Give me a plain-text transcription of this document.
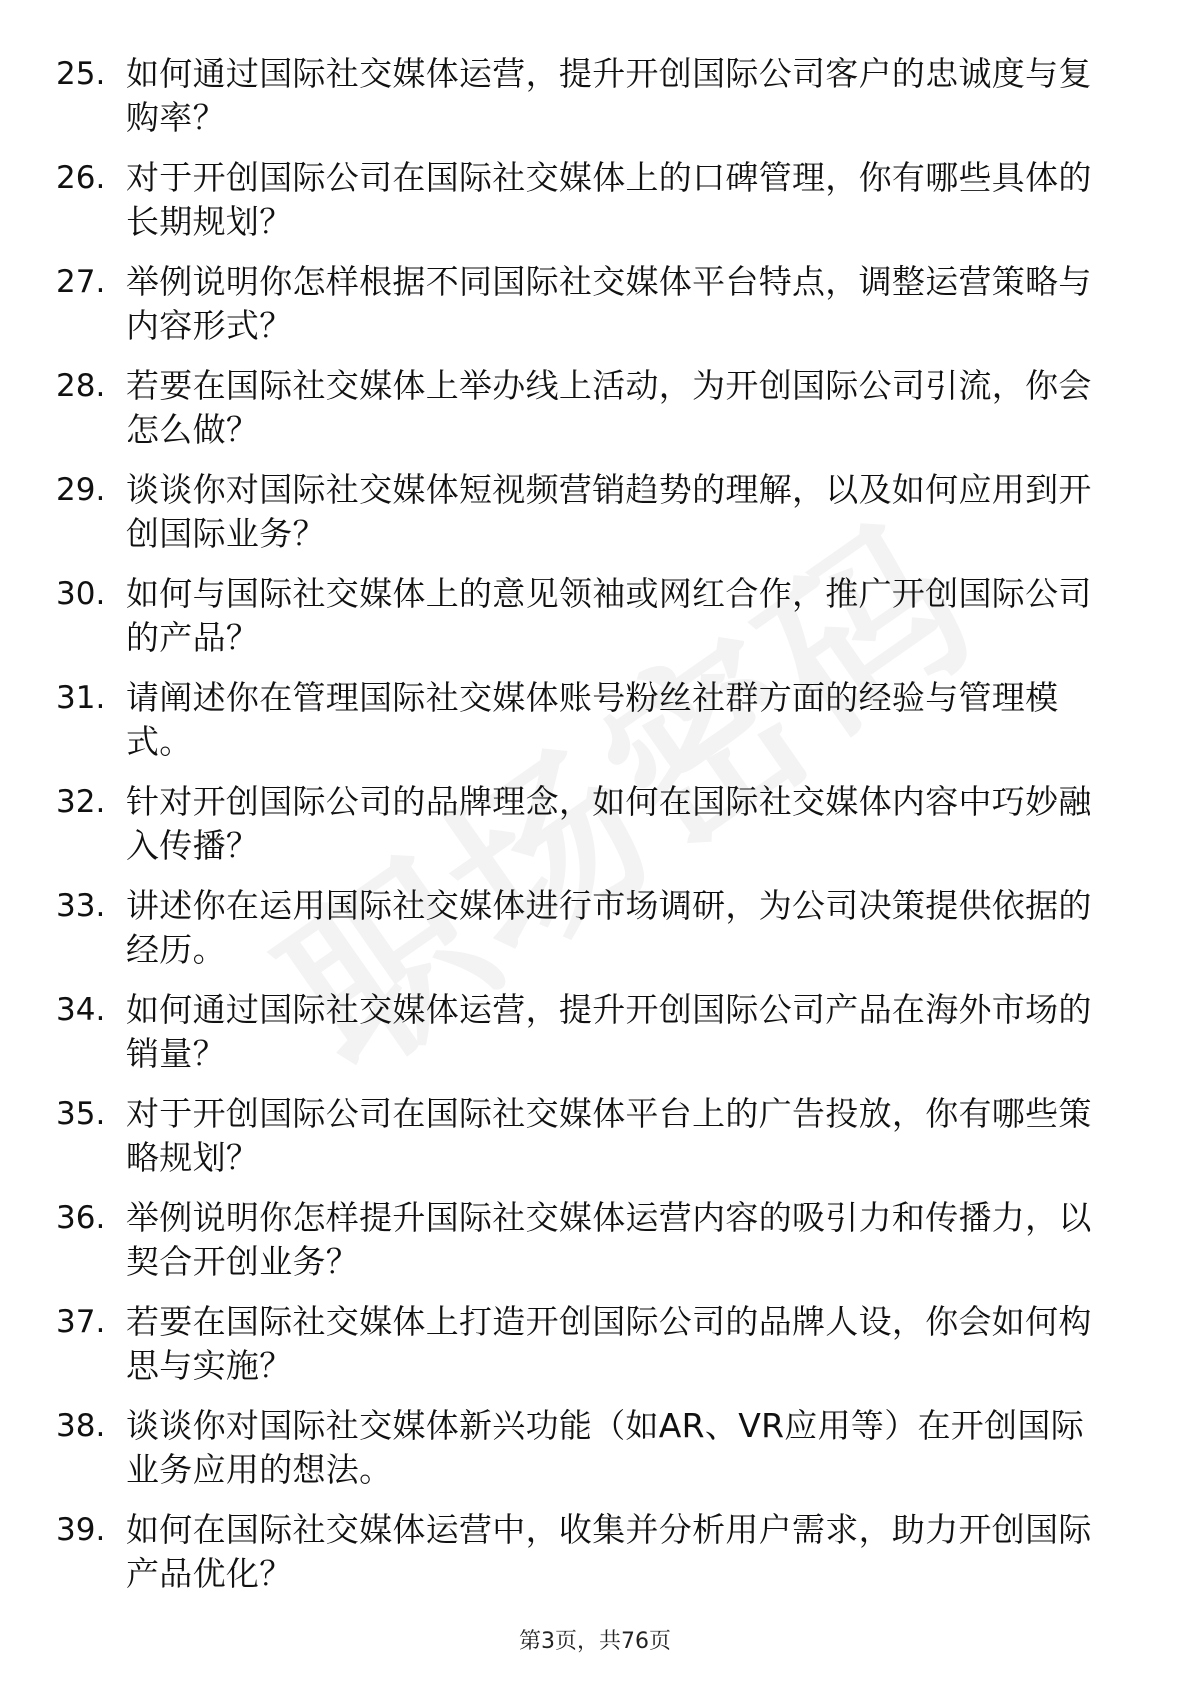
25. 如何通过国际社交媒体运营，提升开创国际公司客户的忠诚度与复购率？
26. 对于开创国际公司在国际社交媒体上的口碑管理，你有哪些具体的长期规划？
27. 举例说明你怎样根据不同国际社交媒体平台特点，调整运营策略与内容形式？
28. 若要在国际社交媒体上举办线上活动，为开创国际公司引流，你会怎么做？
29. 谈谈你对国际社交媒体短视频营销趋势的理解，以及如何应用到开创国际业务？
30. 如何与国际社交媒体上的意见领袖或网红合作，推广开创国际公司的产品？
31. 请阐述你在管理国际社交媒体账号粉丝社群方面的经验与管理模式。
32. 针对开创国际公司的品牌理念，如何在国际社交媒体内容中巧妙融入传播？
33. 讲述你在运用国际社交媒体进行市场调研，为公司决策提供依据的经历。
34. 如何通过国际社交媒体运营，提升开创国际公司产品在海外市场的销量？
35. 对于开创国际公司在国际社交媒体平台上的广告投放，你有哪些策略规划？
36. 举例说明你怎样提升国际社交媒体运营内容的吸引力和传播力，以契合开创业务？
37. 若要在国际社交媒体上打造开创国际公司的品牌人设，你会如何构思与实施？
38. 谈谈你对国际社交媒体新兴功能（如AR、VR应用等）在开创国际业务应用的想法。
39. 如何在国际社交媒体运营中，收集并分析用户需求，助力开创国际产品优化？
第3页，共76页
